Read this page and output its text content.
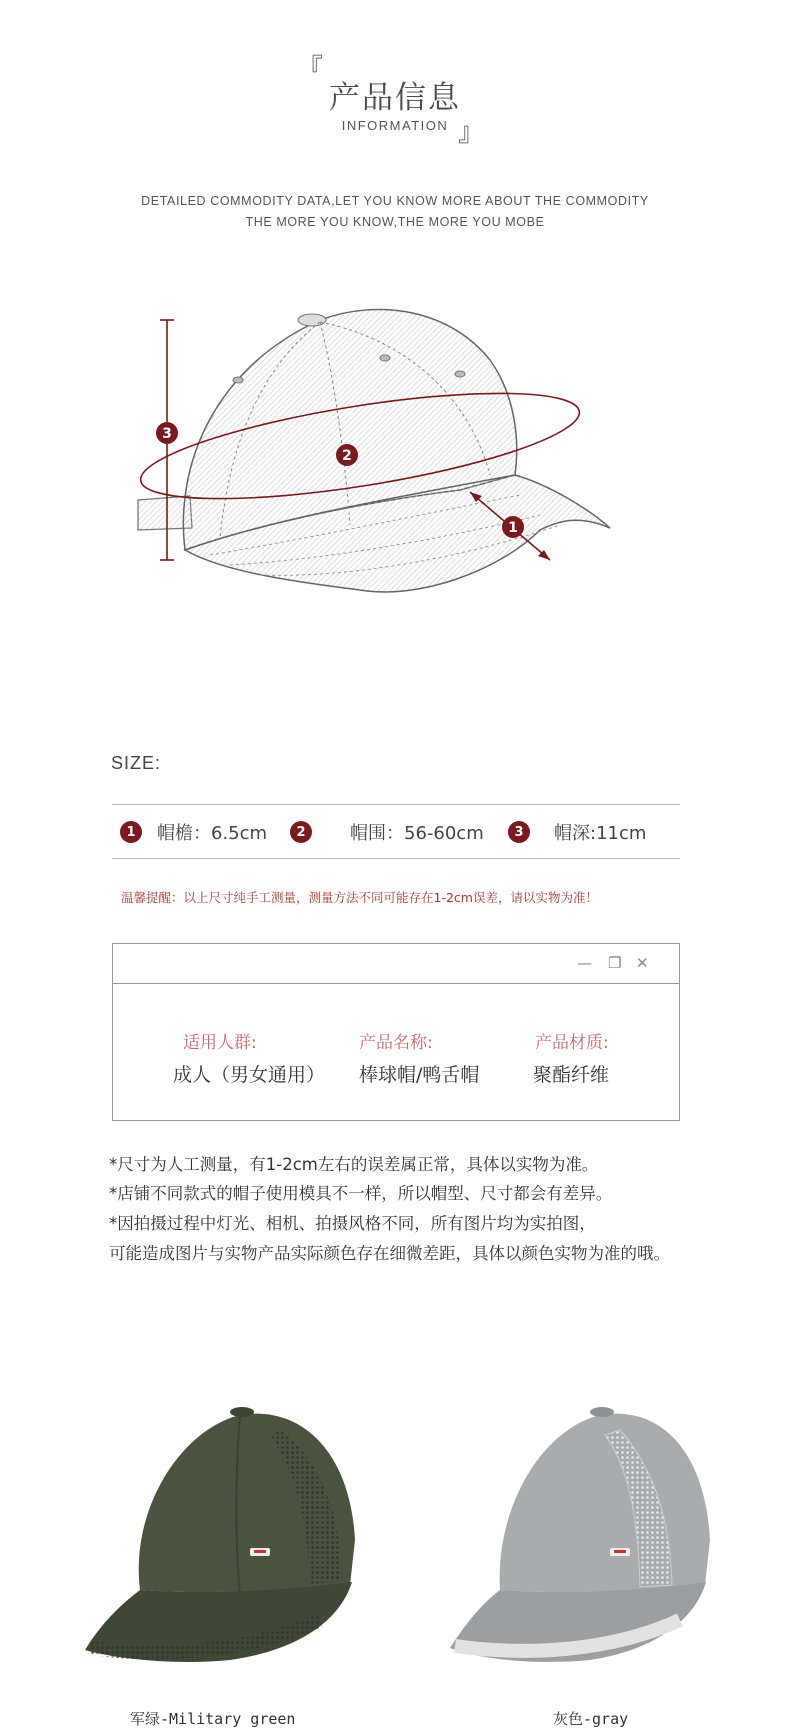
『
产品信息
INFORMATION 』
DETAILED COMMODITY DATA,LET YOU KNOW MORE ABOUT THE COMMODITY
THE MORE YOU KNOW,THE MORE YOU MOBE
3
2
1
SIZE:
1	帽檐：6.5cm	2	帽围：56-60cm	3	帽深:11cm
温馨提醒：以上尺寸纯手工测量，测量方法不同可能存在1-2cm误差，请以实物为准！
— ❐ ✕
适用人群:
成人（男女通用）
产品名称:
棒球帽/鸭舌帽
产品材质:
聚酯纤维
*尺寸为人工测量，有1-2cm左右的误差属正常，具体以实物为准。
*店铺不同款式的帽子使用模具不一样，所以帽型、尺寸都会有差异。
*因拍摄过程中灯光、相机、拍摄风格不同，所有图片均为实拍图，
可能造成图片与实物产品实际颜色存在细微差距，具体以颜色实物为准的哦。
军绿-Military green	灰色-gray
